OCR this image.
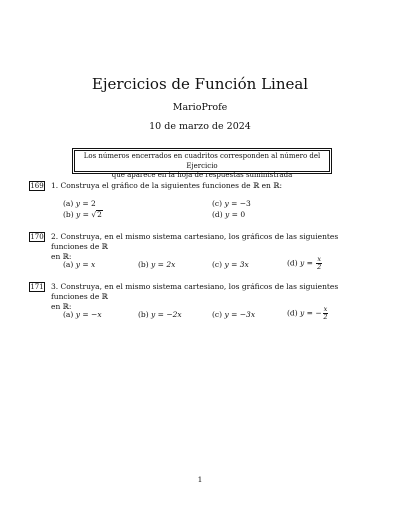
Ejercicios de Función Lineal
MarioProfe
10 de marzo de 2024
Los números encerrados en cuadritos corresponden al número del Ejercicio
que aparece en la hoja de respuestas suministrada
169 1. Construya el gráfico de la siguientes funciones de ℝ en ℝ:
(a) y = 2	(c) y = −3
(b) y = √2	(d) y = 0
170 2. Construya, en el mismo sistema cartesiano, los gráficos de las siguientes funciones de ℝ
en ℝ:
(a) y = x	(b) y = 2x	(c) y = 3x	(d) $y = \frac{x}{2}$
171 3. Construya, en el mismo sistema cartesiano, los gráficos de las siguientes funciones de ℝ
en ℝ:
(a) y = −x	(b) y = −2x	(c) y = −3x	(d) y = − $\frac{x}{2}$
1
